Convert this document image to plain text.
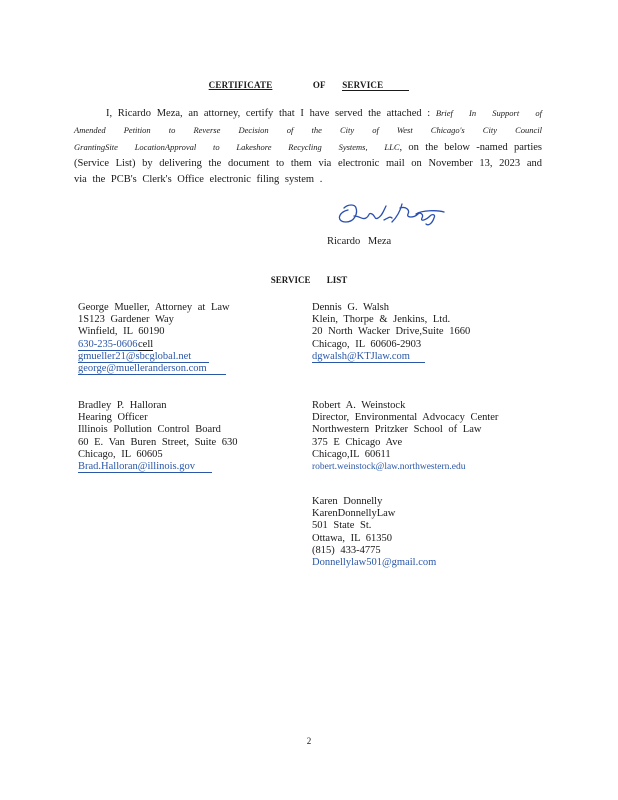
CERTIFICATE	OF SERVICE
I, Ricardo Meza, an attorney, certify that I have served the attached : Brief In Support of Amended Petition to Reverse Decision of the City of West Chicago's City Council GrantingSite LocationApproval to Lakeshore Recycling Systems, LLC, on the below -named parties (Service List) by delivering the document to them via electronic mail on November 13, 2023 and via the PCB's Clerk's Office electronic filing system .
Ricardo Meza
SERVICE LIST
George Mueller, Attorney at Law
1S123 Gardener Way
Winfield, IL 60190
630-235-0606cell
gmueller21@sbcglobal.net
george@muelleranderson.com
Dennis G. Walsh
Klein, Thorpe & Jenkins, Ltd.
20 North Wacker Drive,Suite 1660
Chicago, IL 60606-2903
dgwalsh@KTJlaw.com
Bradley P. Halloran
Hearing Officer
Illinois Pollution Control Board
60 E. Van Buren Street, Suite 630
Chicago, IL 60605
Brad.Halloran@illinois.gov
Robert A. Weinstock
Director, Environmental Advocacy Center
Northwestern Pritzker School of Law
375 E Chicago Ave
Chicago,IL 60611
robert.weinstock@law.northwestern.edu
Karen Donnelly
KarenDonnellyLaw
501 State St.
Ottawa, IL 61350
(815) 433-4775
Donnellylaw501@gmail.com
2
